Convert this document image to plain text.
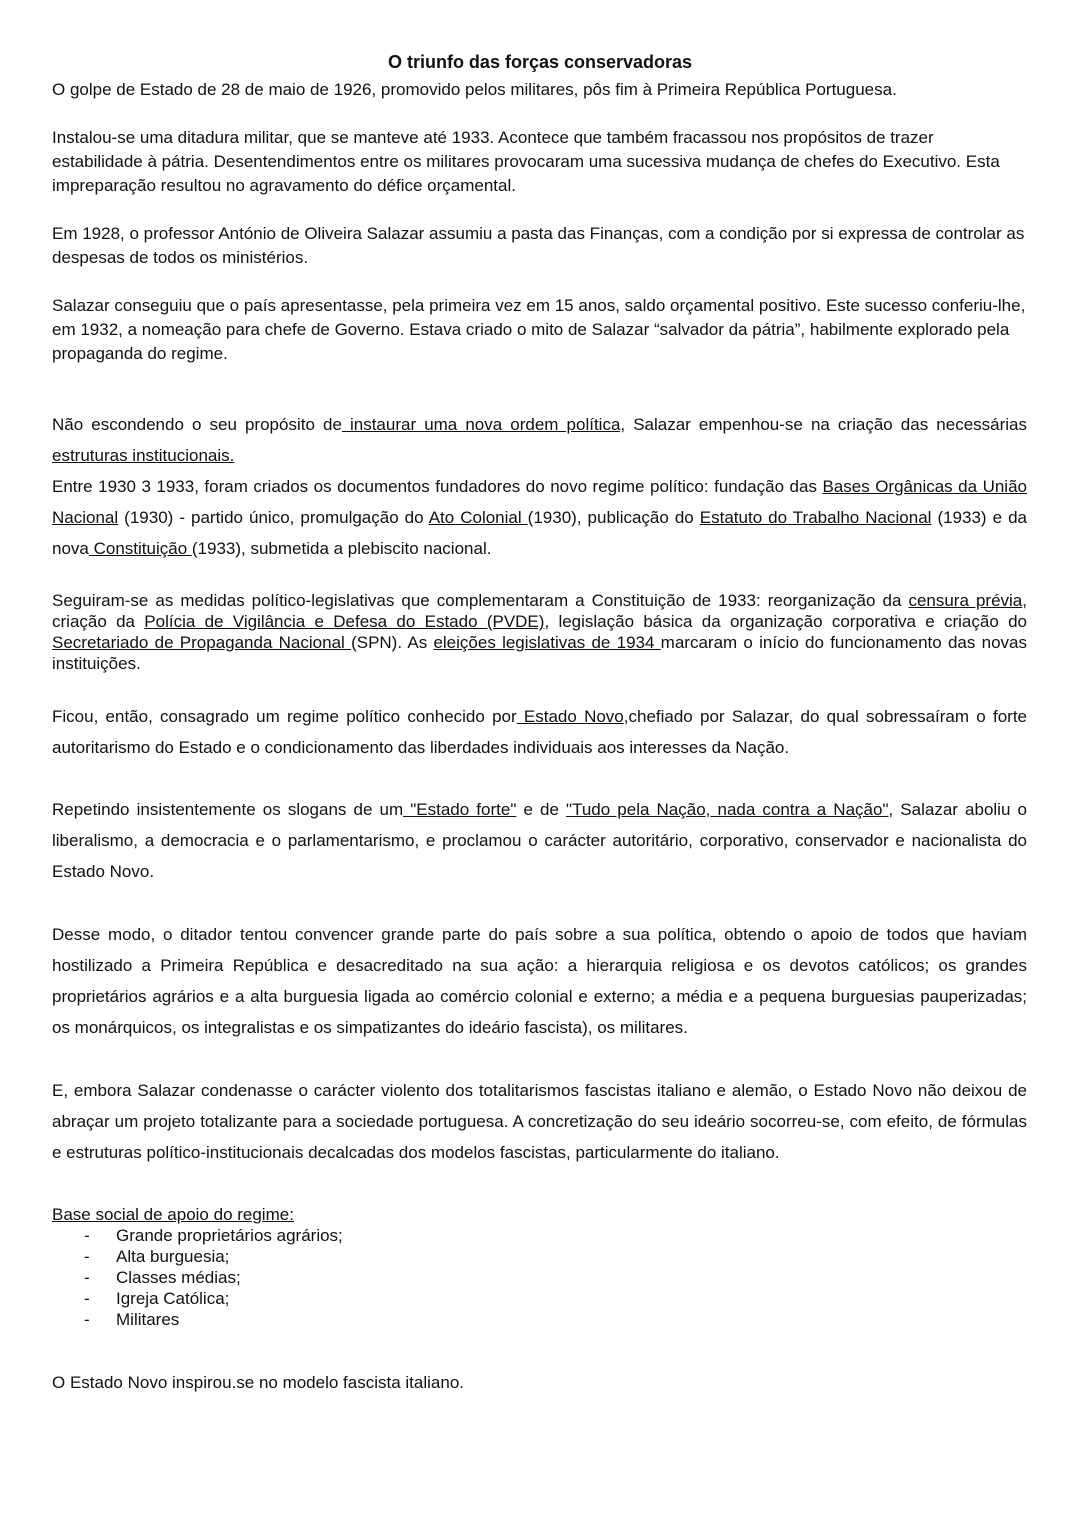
O triunfo das forças conservadoras

O golpe de Estado de 28 de maio de 1926, promovido pelos militares, pôs fim à Primeira República Portuguesa.

Instalou-se uma ditadura militar, que se manteve até 1933. Acontece que também fracassou nos propósitos de trazer estabilidade à pátria. Desentendimentos entre os militares provocaram uma sucessiva mudança de chefes do Executivo. Esta impreparação resultou no agravamento do défice orçamental.

Em 1928, o professor António de Oliveira Salazar assumiu a pasta das Finanças, com a condição por si expressa de controlar as despesas de todos os ministérios.

Salazar conseguiu que o país apresentasse, pela primeira vez em 15 anos, saldo orçamental positivo. Este sucesso conferiu-lhe, em 1932, a nomeação para chefe de Governo. Estava criado o mito de Salazar “salvador da pátria”, habilmente explorado pela propaganda do regime.

Não escondendo o seu propósito de instaurar uma nova ordem política, Salazar empenhou-se na criação das necessárias estruturas institucionais.
Entre 1930 3 1933, foram criados os documentos fundadores do novo regime político: fundação das Bases Orgânicas da União Nacional (1930) - partido único, promulgação do Ato Colonial (1930), publicação do Estatuto do Trabalho Nacional (1933) e da nova Constituição (1933), submetida a plebiscito nacional.

Seguiram-se as medidas político-legislativas que complementaram a Constituição de 1933: reorganização da censura prévia, criação da Polícia de Vigilância e Defesa do Estado (PVDE), legislação básica da organização corporativa e criação do Secretariado de Propaganda Nacional (SPN). As eleições legislativas de 1934 marcaram o início do funcionamento das novas instituições.

Ficou, então, consagrado um regime político conhecido por Estado Novo,chefiado por Salazar, do qual sobressaíram o forte autoritarismo do Estado e o condicionamento das liberdades individuais aos interesses da Nação.

Repetindo insistentemente os slogans de um "Estado forte" e de "Tudo pela Nação, nada contra a Nação", Salazar aboliu o liberalismo, a democracia e o parlamentarismo, e proclamou o carácter autoritário, corporativo, conservador e nacionalista do Estado Novo.

Desse modo, o ditador tentou convencer grande parte do país sobre a sua política, obtendo o apoio de todos que haviam hostilizado a Primeira República e desacreditado na sua ação: a hierarquia religiosa e os devotos católicos; os grandes proprietários agrários e a alta burguesia ligada ao comércio colonial e externo; a média e a pequena burguesias pauperizadas; os monárquicos, os integralistas e os simpatizantes do ideário fascista), os militares.

E, embora Salazar condenasse o carácter violento dos totalitarismos fascistas italiano e alemão, o Estado Novo não deixou de abraçar um projeto totalizante para a sociedade portuguesa. A concretização do seu ideário socorreu-se, com efeito, de fórmulas e estruturas político-institucionais decalcadas dos modelos fascistas, particularmente do italiano.

Base social de apoio do regime:
- Grande proprietários agrários;
- Alta burguesia;
- Classes médias;
- Igreja Católica;
- Militares

O Estado Novo inspirou.se no modelo fascista italiano.
